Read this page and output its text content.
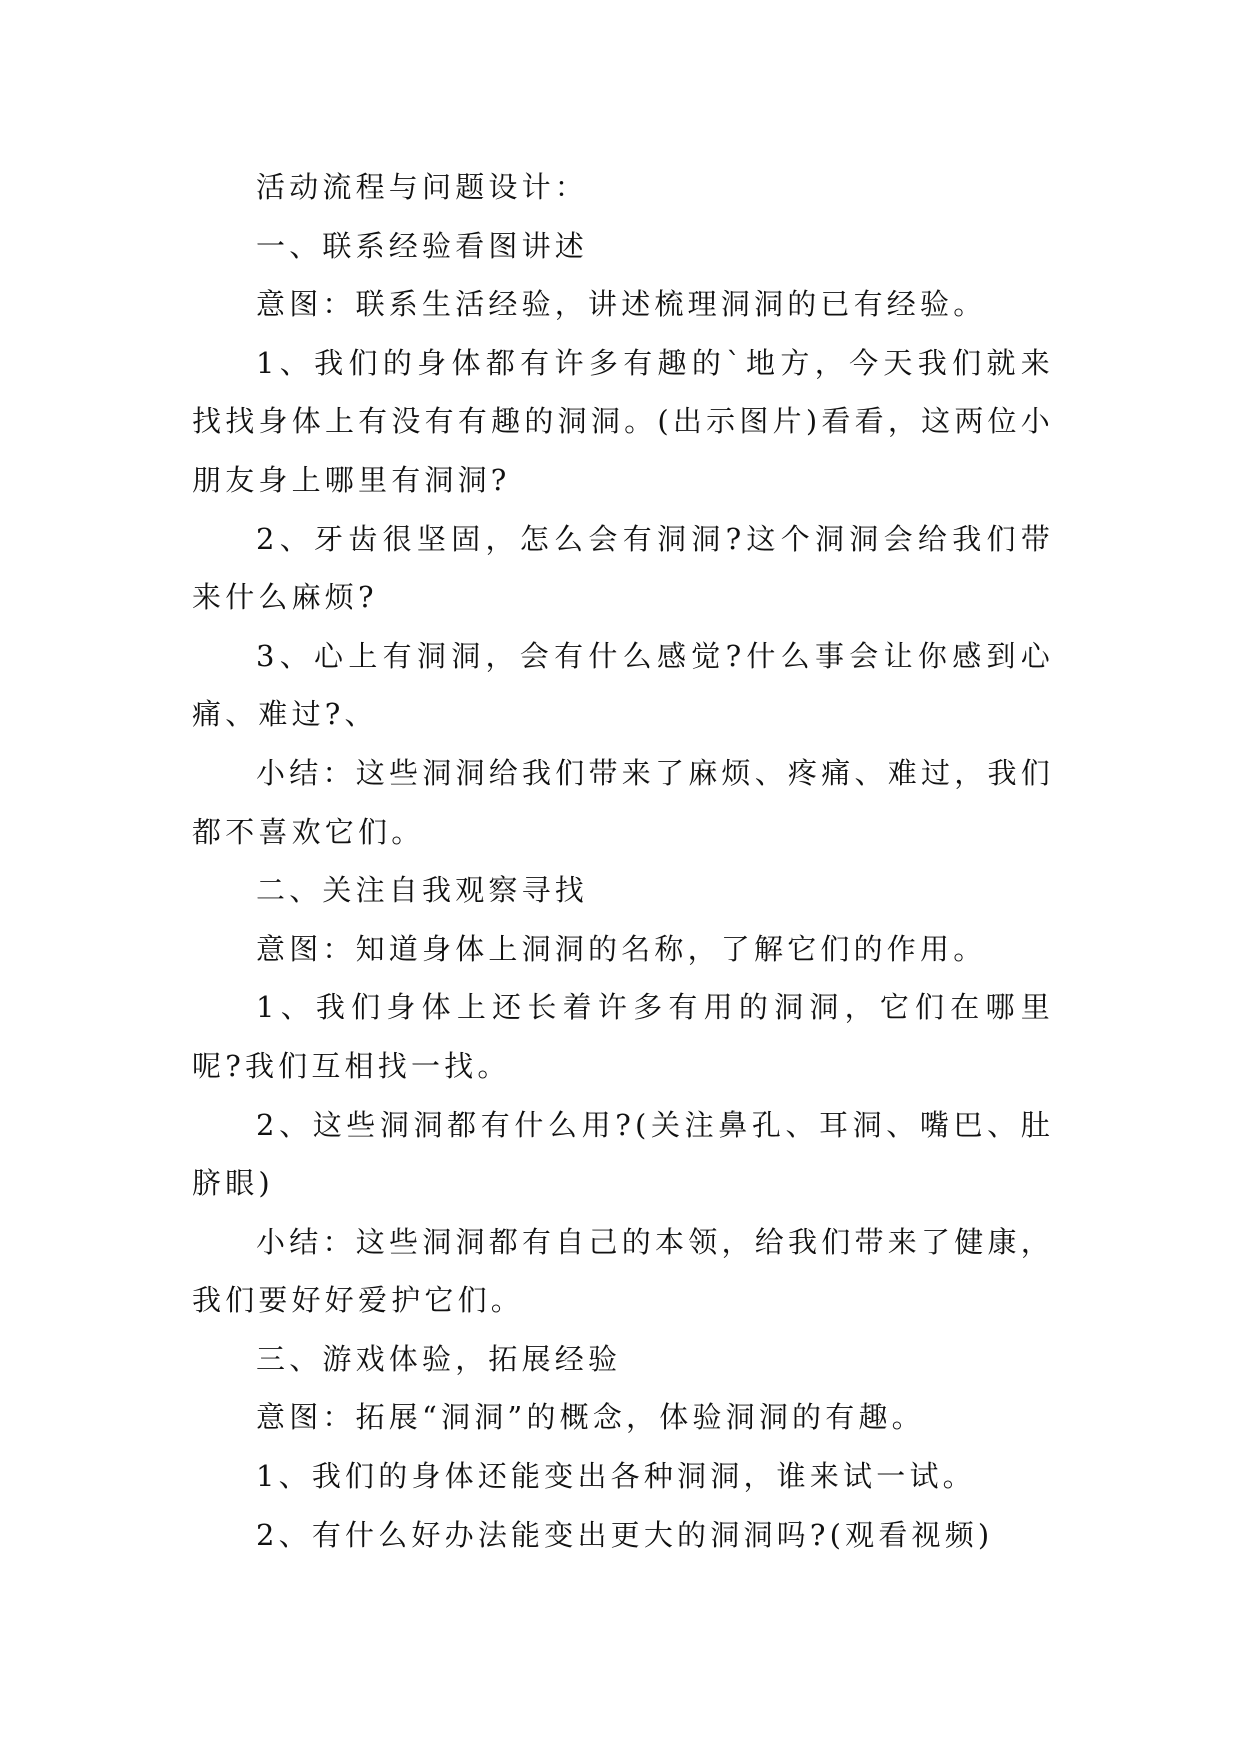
活动流程与问题设计：

一、联系经验看图讲述

意图：联系生活经验，讲述梳理洞洞的已有经验。

1、我们的身体都有许多有趣的`地方，今天我们就来找找身体上有没有有趣的洞洞。(出示图片)看看，这两位小朋友身上哪里有洞洞?

2、牙齿很坚固，怎么会有洞洞?这个洞洞会给我们带来什么麻烦?

3、心上有洞洞，会有什么感觉?什么事会让你感到心痛、难过?、

小结：这些洞洞给我们带来了麻烦、疼痛、难过，我们都不喜欢它们。

二、关注自我观察寻找

意图：知道身体上洞洞的名称，了解它们的作用。

1、我们身体上还长着许多有用的洞洞，它们在哪里呢?我们互相找一找。

2、这些洞洞都有什么用?(关注鼻孔、耳洞、嘴巴、肚脐眼)

小结：这些洞洞都有自己的本领，给我们带来了健康，我们要好好爱护它们。

三、游戏体验，拓展经验

意图：拓展“洞洞”的概念，体验洞洞的有趣。

1、我们的身体还能变出各种洞洞，谁来试一试。

2、有什么好办法能变出更大的洞洞吗?(观看视频)
